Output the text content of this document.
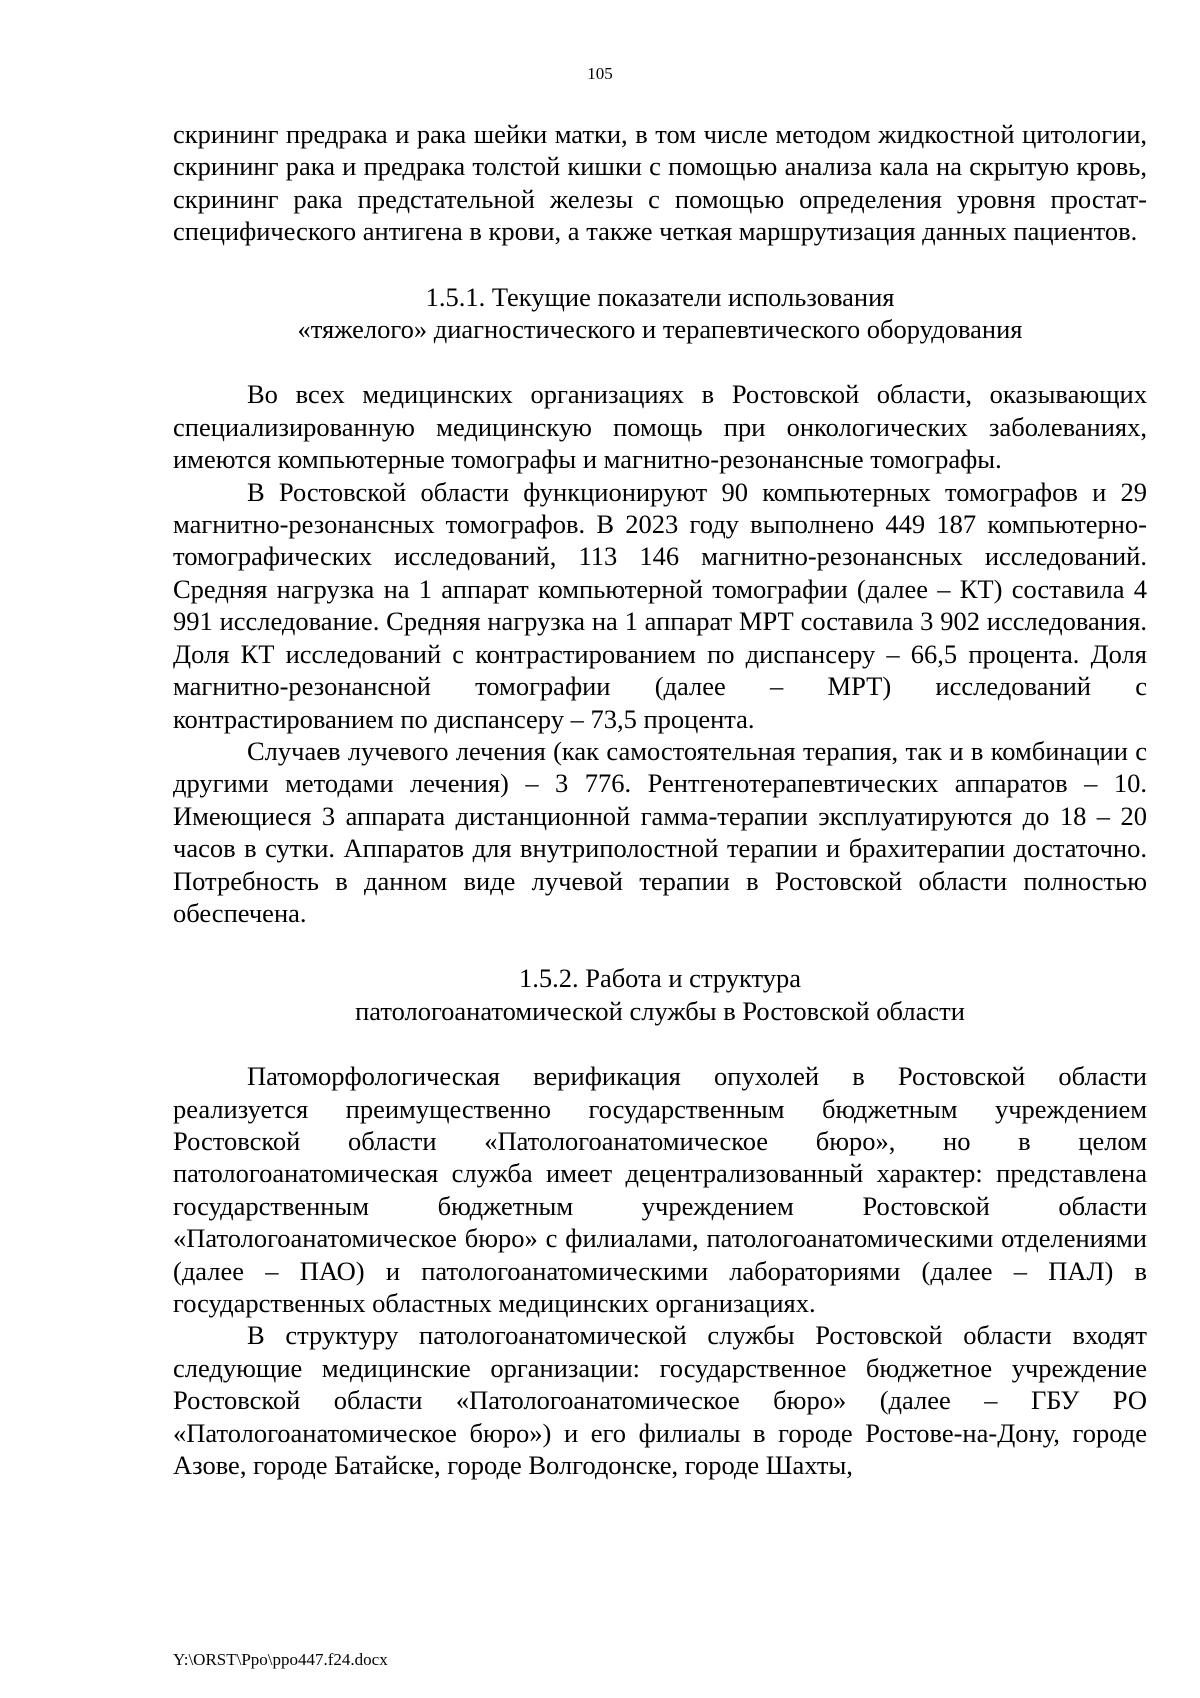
105

скрининг предрака и рака шейки матки, в том числе методом жидкостной цитологии, скрининг рака и предрака толстой кишки с помощью анализа кала на скрытую кровь, скрининг рака предстательной железы с помощью определения уровня простат-специфического антигена в крови, а также четкая маршрутизация данных пациентов.

1.5.1. Текущие показатели использования
«тяжелого» диагностического и терапевтического оборудования

Во всех медицинских организациях в Ростовской области, оказывающих специализированную медицинскую помощь при онкологических заболеваниях, имеются компьютерные томографы и магнитно-резонансные томографы.

В Ростовской области функционируют 90 компьютерных томографов и 29 магнитно-резонансных томографов. В 2023 году выполнено 449 187 компьютерно-томографических исследований, 113 146 магнитно-резонансных исследований. Средняя нагрузка на 1 аппарат компьютерной томографии (далее – КТ) составила 4 991 исследование. Средняя нагрузка на 1 аппарат МРТ составила 3 902 исследования. Доля КТ исследований с контрастированием по диспансеру – 66,5 процента. Доля магнитно-резонансной томографии (далее – МРТ) исследований с контрастированием по диспансеру – 73,5 процента.

Случаев лучевого лечения (как самостоятельная терапия, так и в комбинации с другими методами лечения) – 3 776. Рентгенотерапевтических аппаратов – 10. Имеющиеся 3 аппарата дистанционной гамма-терапии эксплуатируются до 18 – 20 часов в сутки. Аппаратов для внутриполостной терапии и брахитерапии достаточно. Потребность в данном виде лучевой терапии в Ростовской области полностью обеспечена.

1.5.2. Работа и структура
патологоанатомической службы в Ростовской области

Патоморфологическая верификация опухолей в Ростовской области реализуется преимущественно государственным бюджетным учреждением Ростовской области «Патологоанатомическое бюро», но в целом патологоанатомическая служба имеет децентрализованный характер: представлена государственным бюджетным учреждением Ростовской области «Патологоанатомическое бюро» с филиалами, патологоанатомическими отделениями (далее – ПАО) и патологоанатомическими лабораториями (далее – ПАЛ) в государственных областных медицинских организациях.

В структуру патологоанатомической службы Ростовской области входят следующие медицинские организации: государственное бюджетное учреждение Ростовской области «Патологоанатомическое бюро» (далее – ГБУ РО «Патологоанатомическое бюро») и его филиалы в городе Ростове-на-Дону, городе Азове, городе Батайске, городе Волгодонске, городе Шахты,

Y:\ORST\Ppo\ppo447.f24.docx
